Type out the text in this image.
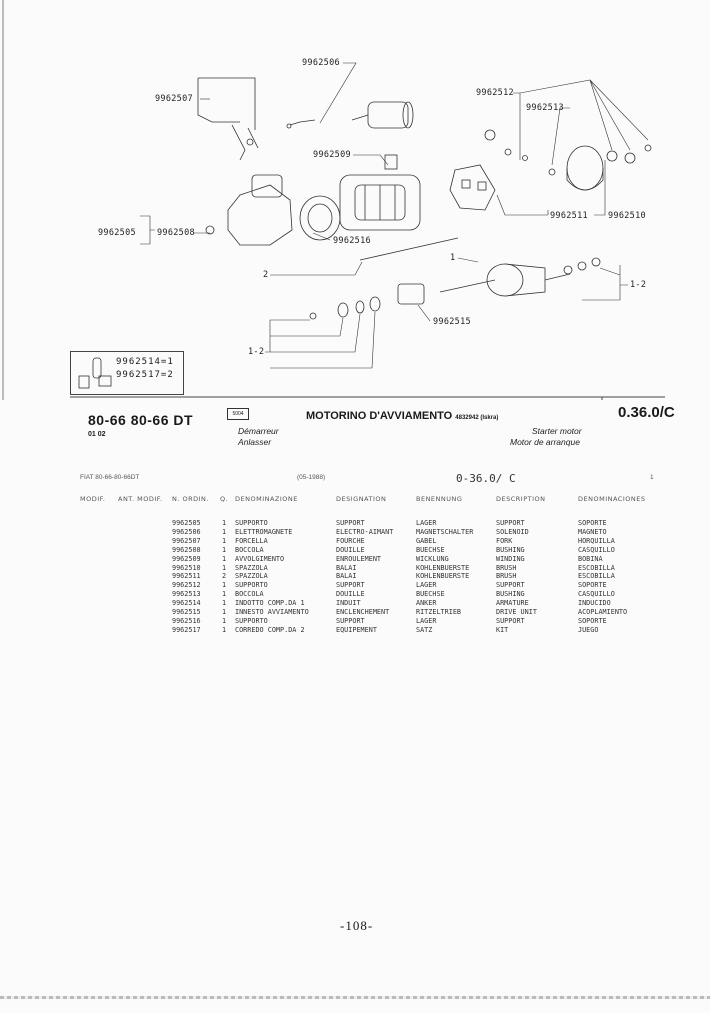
9962506
9962507
9962512
9962513
9962509
9962505 9962508
9962516
9962511 9962510
2
1
1-2
9962515
1-2
9962514=1
9962517=2
80-66 80-66 DT
01 02
5004	MOTORINO D'AVVIAMENTO 4832942 (Iskra)
Démarreur
Anlasser
Starter motor
Motor de arranque
0.36.0/C
FIAT 80-66-80-66DT	(05-1988)	0-36.0/ C	1
MODIF. ANT. MODIF. N. ORDIN. Q. DENOMINAZIONE	DESIGNATION	BENENNUNG	DESCRIPTION	DENOMINACIONES
9962505	1 SUPPORTO	SUPPORT	LAGER	SUPPORT	SOPORTE
9962506	1 ELETTROMAGNETE	ELECTRO-AIMANT	MAGNETSCHALTER	SOLENOID	MAGNETO
9962507	1 FORCELLA	FOURCHE	GABEL	FORK	HORQUILLA
9962508	1 BOCCOLA	DOUILLE	BUECHSE	BUSHING	CASQUILLO
9962509	1 AVVOLGIMENTO	ENROULEMENT	WICKLUNG	WINDING	BOBINA
9962510	1 SPAZZOLA	BALAI	KOHLENBUERSTE	BRUSH	ESCOBILLA
9962511	2 SPAZZOLA	BALAI	KOHLENBUERSTE	BRUSH	ESCOBILLA
9962512	1 SUPPORTO	SUPPORT	LAGER	SUPPORT	SOPORTE
9962513	1 BOCCOLA	DOUILLE	BUECHSE	BUSHING	CASQUILLO
9962514	1 INDOTTO COMP.DA 1	INDUIT	ANKER	ARMATURE	INDUCIDO
9962515	1 INNESTO AVVIAMENTO	ENCLENCHEMENT	RITZELTRIEB	DRIVE UNIT	ACOPLAMIENTO
9962516	1 SUPPORTO	SUPPORT	LAGER	SUPPORT	SOPORTE
9962517	1 CORREDO COMP.DA 2	EQUIPEMENT	SATZ	KIT	JUEGO
-108-
